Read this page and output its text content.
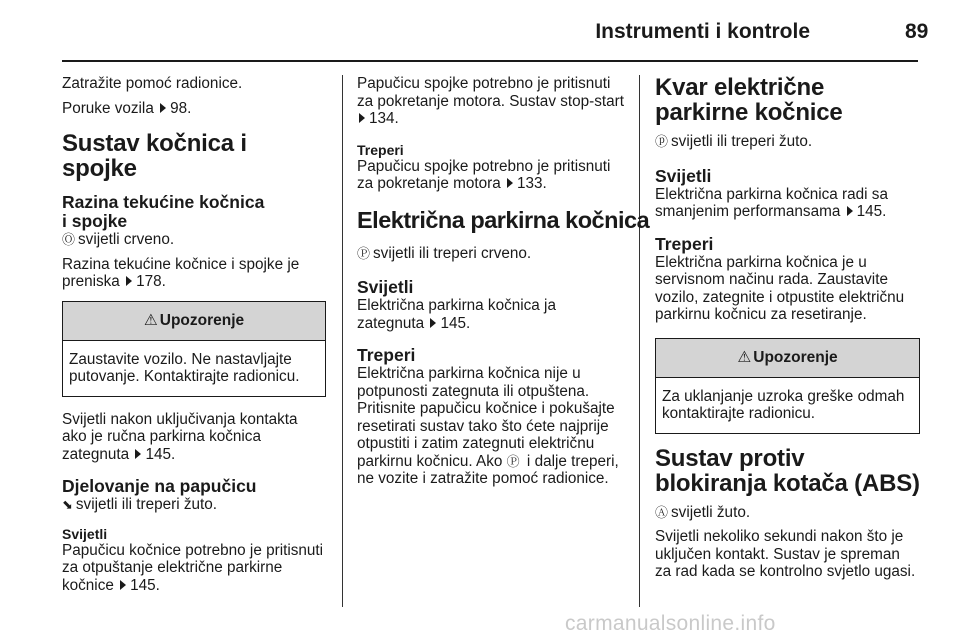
Instrumenti i kontrole	89

Zatražite pomoć radionice.

Poruke vozila 98.

Sustav kočnica i spojke
Razina tekućine kočnica
i spojke

Ⓞ svijetli crveno.

Razina tekućine kočnice i spojke je preniska 178.

⚠ Upozorenje
Zaustavite vozilo. Ne nastavljajte putovanje. Kontaktirajte radionicu.

Svijetli nakon uključivanja kontakta ako je ručna parkirna kočnica zategnuta 145.

Djelovanje na papučicu

⬊ svijetli ili treperi žuto.

Svijetli

Papučicu kočnice potrebno je pritisnuti za otpuštanje električne parkirne kočnice 145.

Papučicu spojke potrebno je pritisnuti za pokretanje motora. Sustav stop-start 134.

Treperi

Papučicu spojke potrebno je pritisnuti za pokretanje motora 133.

Električna parkirna kočnica

Ⓟ svijetli ili treperi crveno.

Svijetli

Električna parkirna kočnica ja zategnuta 145.

Treperi

Električna parkirna kočnica nije u potpunosti zategnuta ili otpuštena. Pritisnite papučicu kočnice i pokušajte resetirati sustav tako što ćete najprije otpustiti i zatim zategnuti električnu parkirnu kočnicu. Ako Ⓟ i dalje treperi, ne vozite i zatražite pomoć radionice.

Kvar električne parkirne kočnice

ⓟ svijetli ili treperi žuto.

Svijetli

Električna parkirna kočnica radi sa smanjenim performansama 145.

Treperi

Električna parkirna kočnica je u servisnom načinu rada. Zaustavite vozilo, zategnite i otpustite električnu parkirnu kočnicu za resetiranje.

⚠ Upozorenje
Za uklanjanje uzroka greške odmah kontaktirajte radionicu.
Sustav protiv blokiranja kotača (ABS)

Ⓐ svijetli žuto.

Svijetli nekoliko sekundi nakon što je uključen kontakt. Sustav je spreman za rad kada se kontrolno svjetlo ugasi.

carmanualsonline.info
